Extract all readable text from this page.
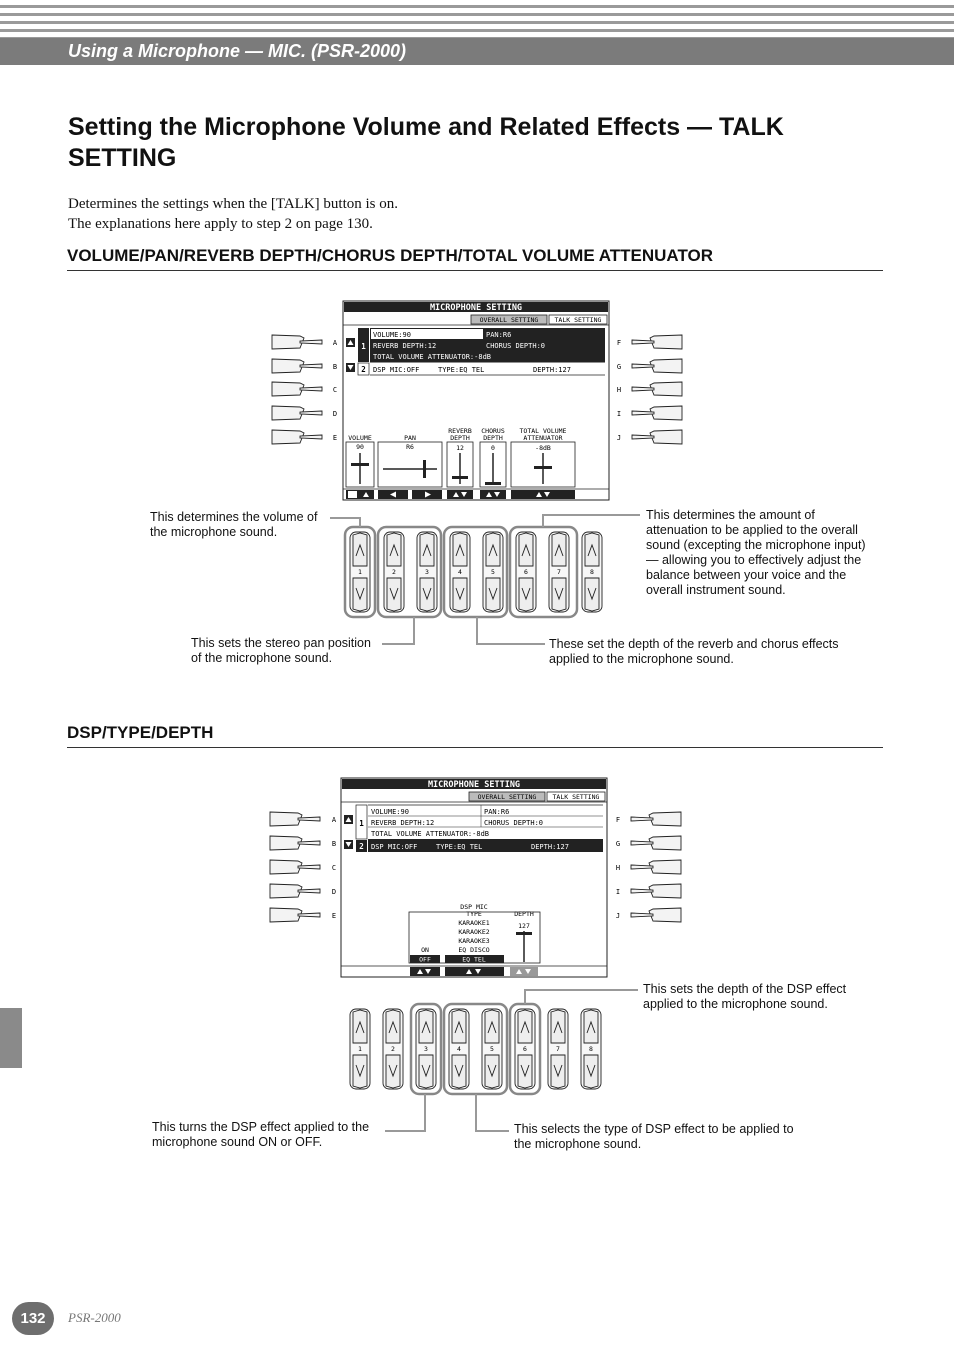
Using a Microphone — MIC. (PSR-2000)
Setting the Microphone Volume and Related Effects — TALK SETTING
Determines the settings when the [TALK] button is on.
The explanations here apply to step 2 on page 130.
VOLUME/PAN/REVERB DEPTH/CHORUS DEPTH/TOTAL VOLUME ATTENUATOR
DSP/TYPE/DEPTH
MICROPHONE SETTING
OVERALL SETTING TALK SETTING
1
2
VOLUME:90	PAN:R6
REVERB DEPTH:12	CHORUS DEPTH:0
TOTAL VOLUME ATTENUATOR:-8dB
DSP MIC:OFF	TYPE:EQ TEL	DEPTH:127
VOLUME
90
PAN
R6
REVERB
DEPTH
12
CHORUS
DEPTH
0
TOTAL VOLUME
ATTENUATOR
-8dB
MICROPHONE SETTING
OVERALL SETTING TALK SETTING
1
2
VOLUME:90	PAN:R6
REVERB DEPTH:12	CHORUS DEPTH:0
TOTAL VOLUME ATTENUATOR:-8dB
DSP MIC:OFF	TYPE:EQ TEL	DEPTH:127
DSP MIC
TYPE	DEPTH
KARAOKE1
KARAOKE2
KARAOKE3
EQ DISCO
127
ON
OFF	EQ TEL
A
B
C
D
E
F
G
H
I
J
A
B
C
D
E
F
G
H
I
J
1	2	3	4	5	6	7	8
1	2	3	4	5	6	7	8
This determines the volume of the microphone sound.
This determines the amount of attenuation to be applied to the overall sound (excepting the microphone input) — allowing you to effectively adjust the balance between your voice and the overall instrument sound.
This sets the stereo pan position of the microphone sound.
These set the depth of the reverb and chorus effects applied to the microphone sound.
This sets the depth of the DSP effect applied to the microphone sound.
This turns the DSP effect applied to the microphone sound ON or OFF.
This selects the type of DSP effect to be applied to the microphone sound.
132	PSR-2000
